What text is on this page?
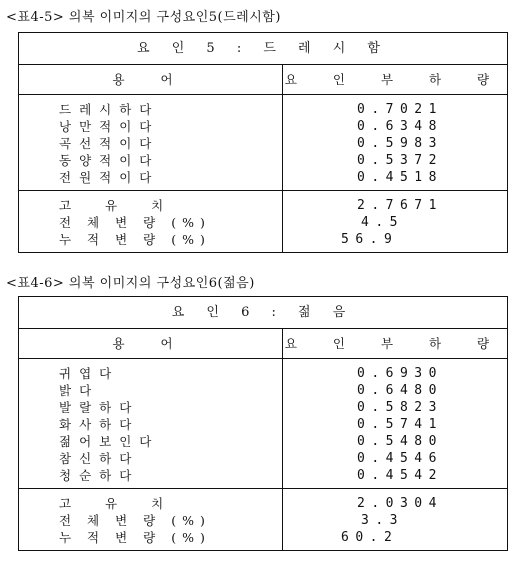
<표4-5> 의복 이미지의 구성요인5(드레시함)
요 인 5 : 드 레 시 함
용 어	요 인 부 하 량
드레시하다
낭만적이다
곡선적이다
동양적이다
전원적이다
0.7021
0.6348
0.5983
0.5372
0.4518
고 유 치
전 체 변 량 (%)
누 적 변 량 (%)
2.7671
4.5
56.9
<표4-6> 의복 이미지의 구성요인6(젊음)
요 인 6 : 젊 음
용 어	요 인 부 하 량
귀엽다
밝다
발랄하다
화사하다
젊어보인다
참신하다
청순하다
0.6930
0.6480
0.5823
0.5741
0.5480
0.4546
0.4542
고 유 치
전 체 변 량 (%)
누 적 변 량 (%)
2.0304
3.3
60.2
